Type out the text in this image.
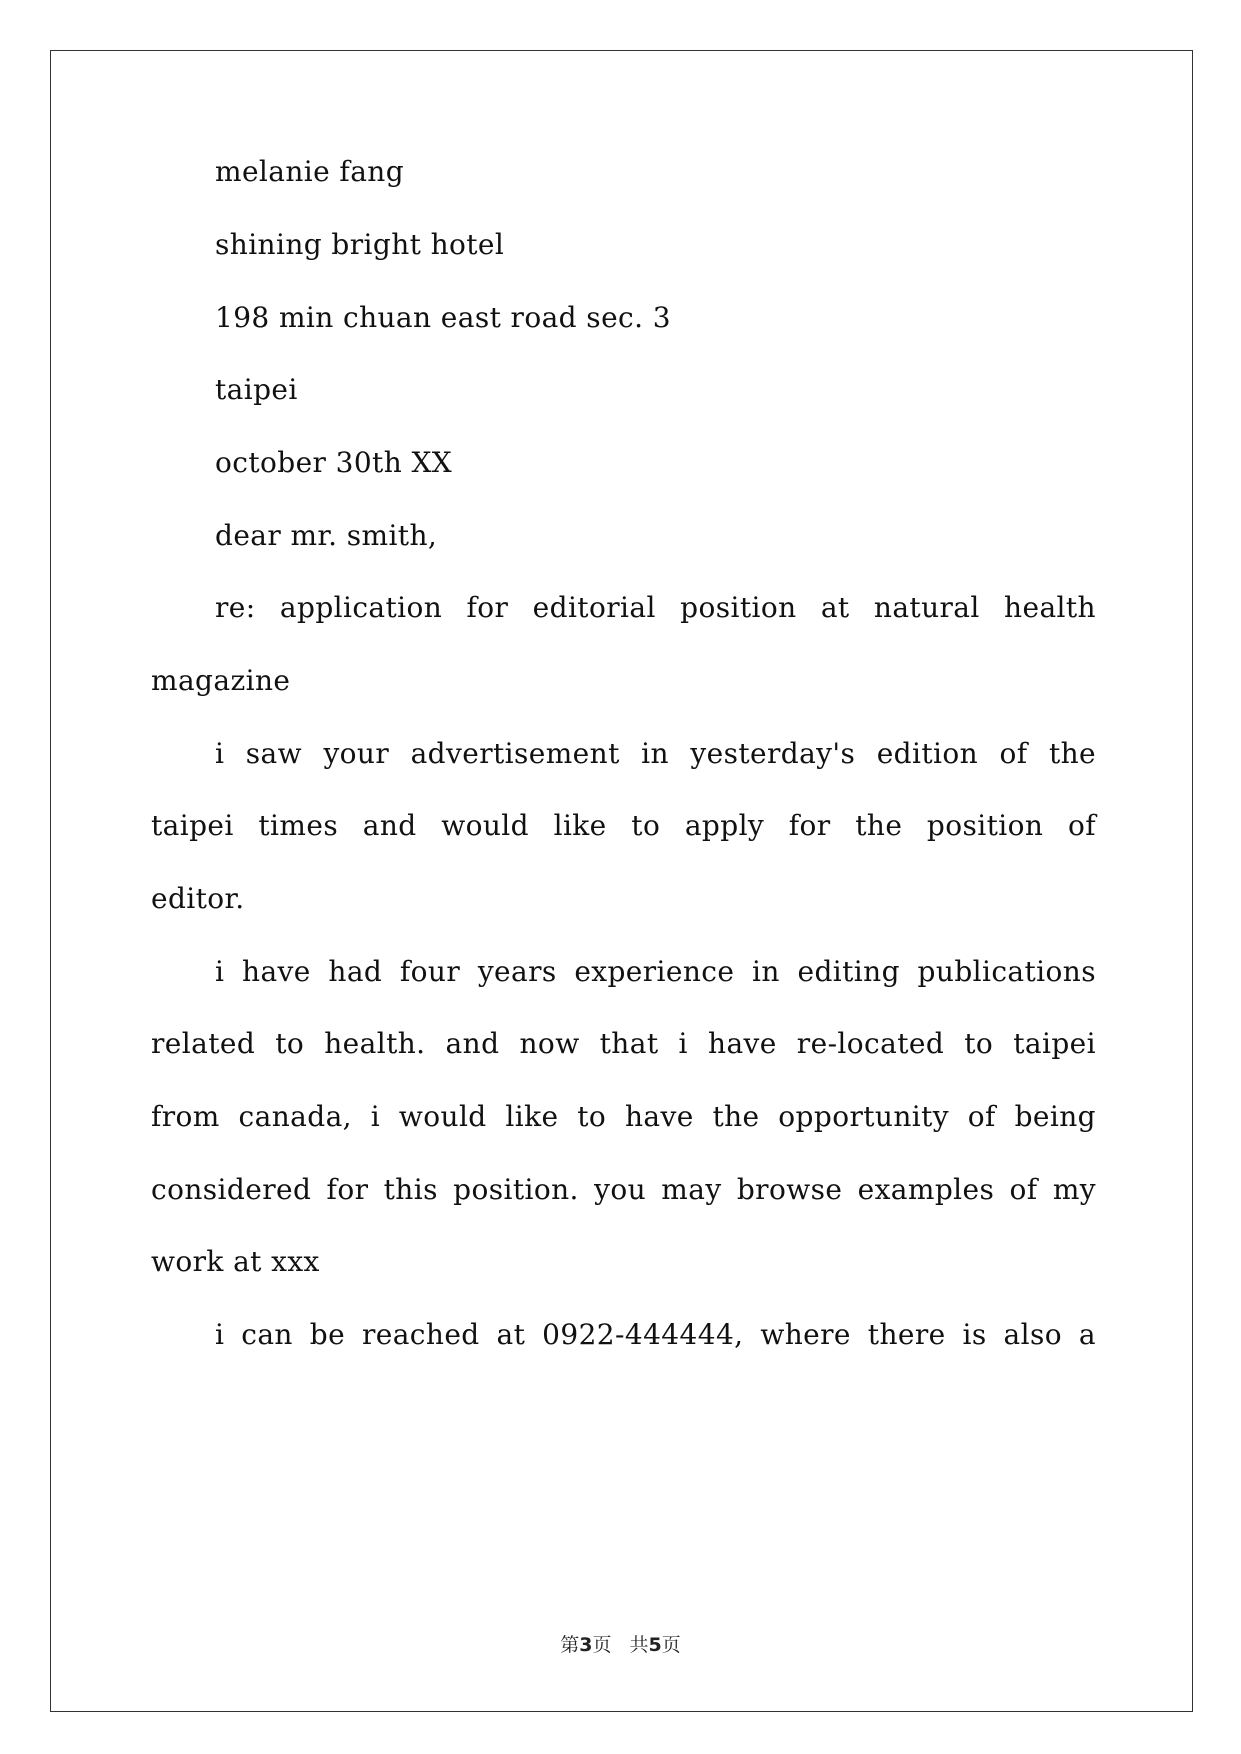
melanie fang
shining bright hotel
198 min chuan east road sec. 3
taipei
october 30th XX
dear mr. smith,
re: application for editorial position at natural health
magazine
i saw your advertisement in yesterday's edition of the
taipei times and would like to apply for the position of
editor.
i have had four years experience in editing publications
related to health. and now that i have re-located to taipei
from canada, i would like to have the opportunity of being
considered for this position. you may browse examples of my
work at xxx
i can be reached at 0922-444444, where there is also a
第3页 共5页
